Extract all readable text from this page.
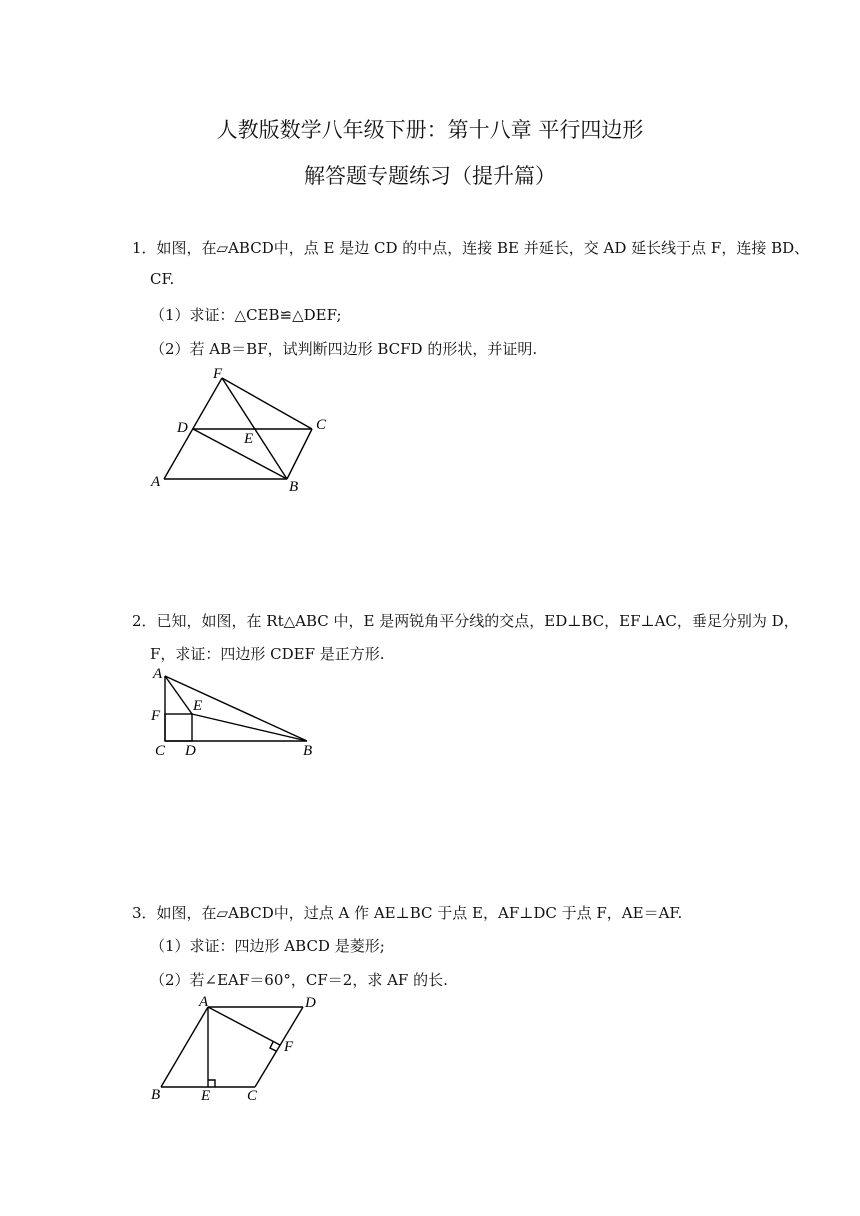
人教版数学八年级下册：第十八章 平行四边形
解答题专题练习（提升篇）
1．如图，在▱ABCD中，点 E 是边 CD 的中点，连接 BE 并延长，交 AD 延长线于点 F，连接 BD、
CF.
（1）求证：△CEB≌△DEF;
（2）若 AB＝BF，试判断四边形 BCFD 的形状，并证明.
F
D	C
E
A	B
A
F
E
C D	B
A	D
F
B	E C
2．已知，如图，在 Rt△ABC 中，E 是两锐角平分线的交点，ED⊥BC，EF⊥AC，垂足分别为 D，
F，求证：四边形 CDEF 是正方形.
3．如图，在▱ABCD中，过点 A 作 AE⊥BC 于点 E，AF⊥DC 于点 F，AE＝AF.
（1）求证：四边形 ABCD 是菱形;
（2）若∠EAF＝60°，CF＝2，求 AF 的长.
